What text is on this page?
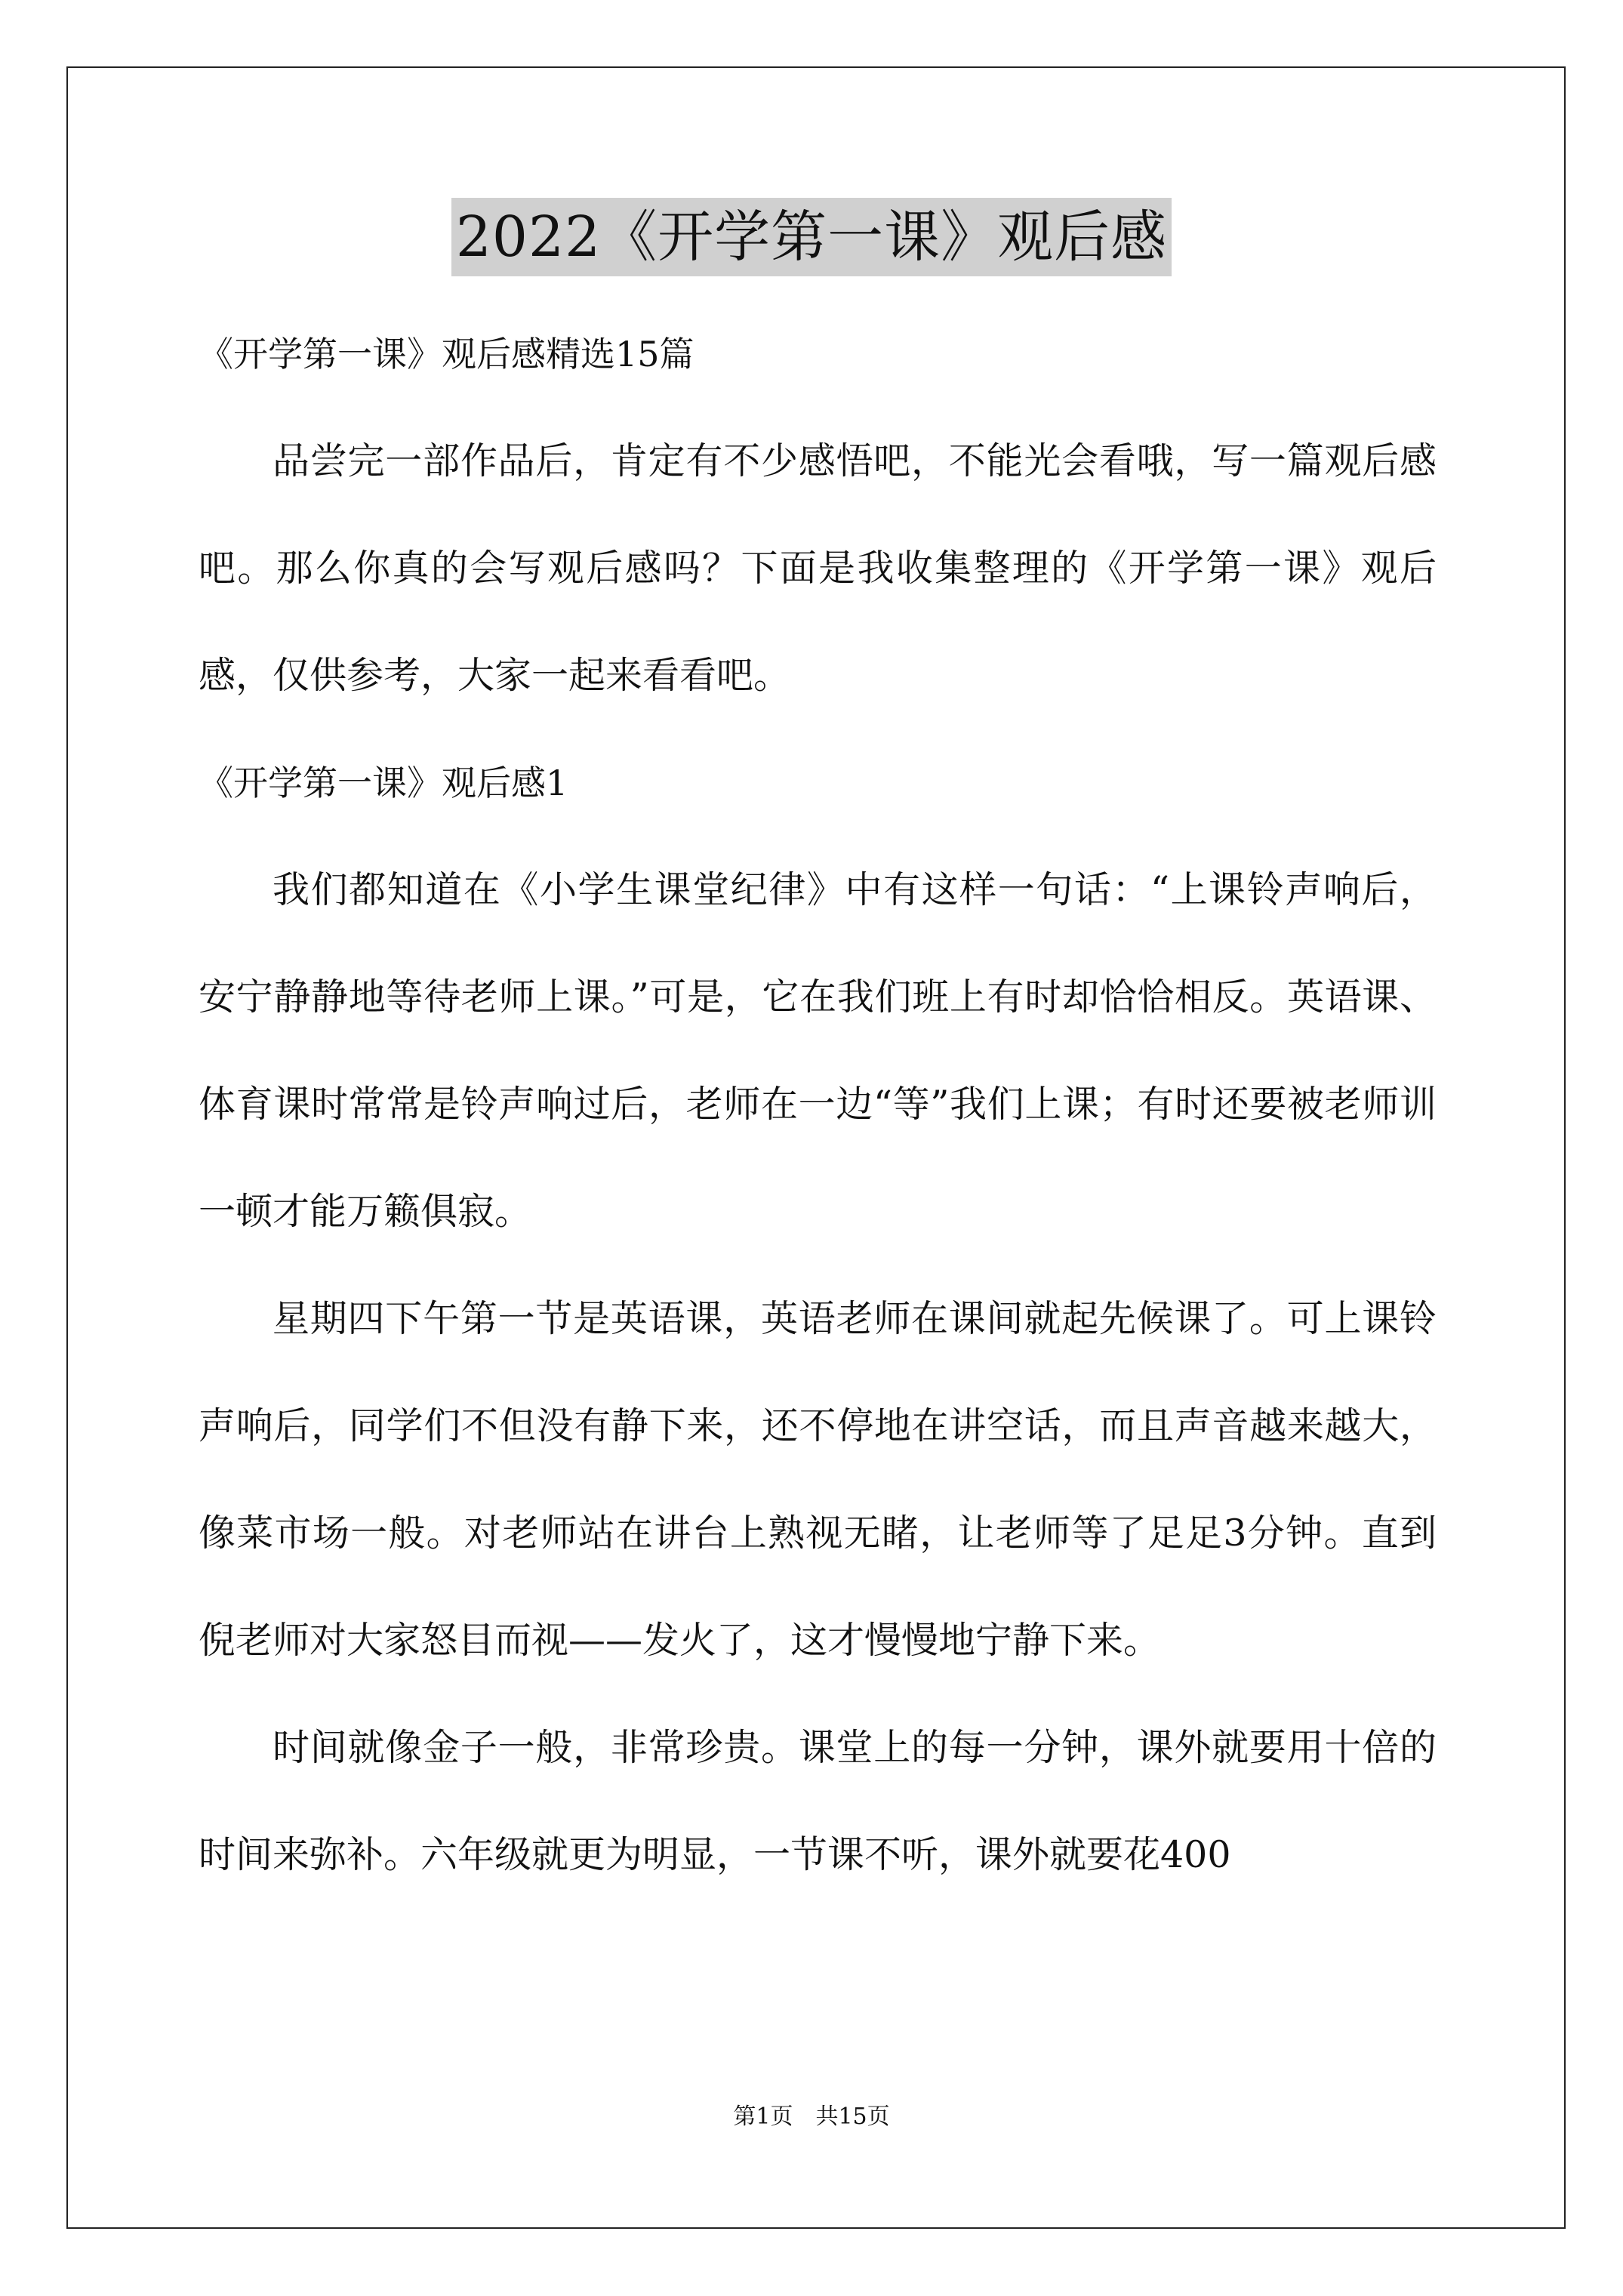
2022《开学第一课》观后感

《开学第一课》观后感精选15篇

品尝完一部作品后，肯定有不少感悟吧，不能光会看哦，写一篇观后感吧。那么你真的会写观后感吗？下面是我收集整理的《开学第一课》观后感，仅供参考，大家一起来看看吧。

《开学第一课》观后感1

我们都知道在《小学生课堂纪律》中有这样一句话：“上课铃声响后，安宁静静地等待老师上课。”可是，它在我们班上有时却恰恰相反。英语课、体育课时常常是铃声响过后，老师在一边“等”我们上课；有时还要被老师训一顿才能万籁俱寂。

星期四下午第一节是英语课，英语老师在课间就起先候课了。可上课铃声响后，同学们不但没有静下来，还不停地在讲空话，而且声音越来越大，像菜市场一般。对老师站在讲台上熟视无睹，让老师等了足足3分钟。直到倪老师对大家怒目而视——发火了，这才慢慢地宁静下来。

时间就像金子一般，非常珍贵。课堂上的每一分钟，课外就要用十倍的时间来弥补。六年级就更为明显，一节课不听，课外就要花400

第1页 共15页
